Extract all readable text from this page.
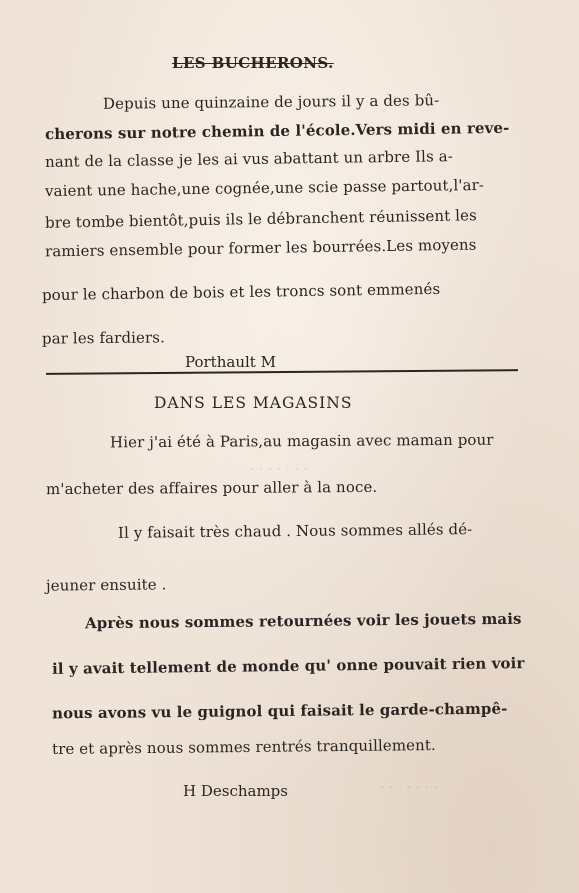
· · · · · · ·
· · · · · · ·
LES BUCHERONS.
Depuis une quinzaine de jours il y a des bû-
cherons sur notre chemin de l'école.Vers midi en reve-
nant de la classe je les ai vus abattant un arbre Ils a-
vaient une hache,une cognée,une scie passe partout,l'ar-
bre tombe bientôt,puis ils le débranchent réunissent les
ramiers ensemble pour former les bourrées.Les moyens
pour le charbon de bois et les troncs sont emmenés
par les fardiers.
Porthault M
DANS LES MAGASINS
Hier j'ai été à Paris,au magasin avec maman pour
m'acheter des affaires pour aller à la noce.
Il y faisait très chaud . Nous sommes allés dé-
jeuner ensuite .
Après nous sommes retournées voir les jouets mais
il y avait tellement de monde qu' onne pouvait rien voir
nous avons vu le guignol qui faisait le garde-champê-
tre et après nous sommes rentrés tranquillement.
H Deschamps
